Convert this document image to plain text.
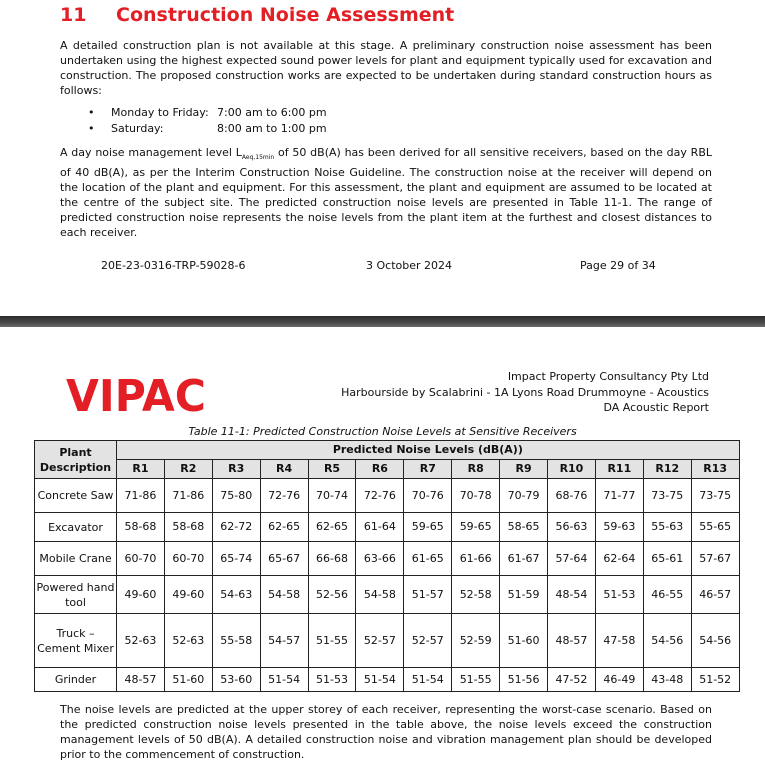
11 Construction Noise Assessment

A detailed construction plan is not available at this stage. A preliminary construction noise assessment has been undertaken using the highest expected sound power levels for plant and equipment typically used for excavation and construction. The proposed construction works are expected to be undertaken during standard construction hours as follows:

• Monday to Friday: 7:00 am to 6:00 pm
• Saturday:	8:00 am to 1:00 pm

A day noise management level $L_{Aeq,15min}$ of 50 dB(A) has been derived for all sensitive receivers, based on the day RBL of 40 dB(A), as per the Interim Construction Noise Guideline. The construction noise at the receiver will depend on the location of the plant and equipment. For this assessment, the plant and equipment are assumed to be located at the centre of the subject site. The predicted construction noise levels are presented in Table 11-1. The range of predicted construction noise represents the noise levels from the plant item at the furthest and closest distances to each receiver.

20E-23-0316-TRP-59028-6	3 October 2024	Page 29 of 34
VIPAC	Impact Property Consultancy Pty Ltd
Harbourside by Scalabrini - 1A Lyons Road Drummoyne - Acoustics
DA Acoustic Report
Table 11-1: Predicted Construction Noise Levels at Sensitive Receivers
Plant Description	Predicted Noise Levels (dB(A))												
	R1	R2	R3	R4	R5	R6	R7	R8	R9	R10	R11	R12	R13
Concrete Saw	71-86	71-86	75-80	72-76	70-74	72-76	70-76	70-78	70-79	68-76	71-77	73-75	73-75
Excavator	58-68	58-68	62-72	62-65	62-65	61-64	59-65	59-65	58-65	56-63	59-63	55-63	55-65
Mobile Crane	60-70	60-70	65-74	65-67	66-68	63-66	61-65	61-66	61-67	57-64	62-64	65-61	57-67
Powered hand tool	49-60	49-60	54-63	54-58	52-56	54-58	51-57	52-58	51-59	48-54	51-53	46-55	46-57
Truck – Cement Mixer	52-63	52-63	55-58	54-57	51-55	52-57	52-57	52-59	51-60	48-57	47-58	54-56	54-56
Grinder	48-57	51-60	53-60	51-54	51-53	51-54	51-54	51-55	51-56	47-52	46-49	43-48	51-52

The noise levels are predicted at the upper storey of each receiver, representing the worst-case scenario. Based on the predicted construction noise levels presented in the table above, the noise levels exceed the construction management levels of 50 dB(A). A detailed construction noise and vibration management plan should be developed prior to the commencement of construction.
